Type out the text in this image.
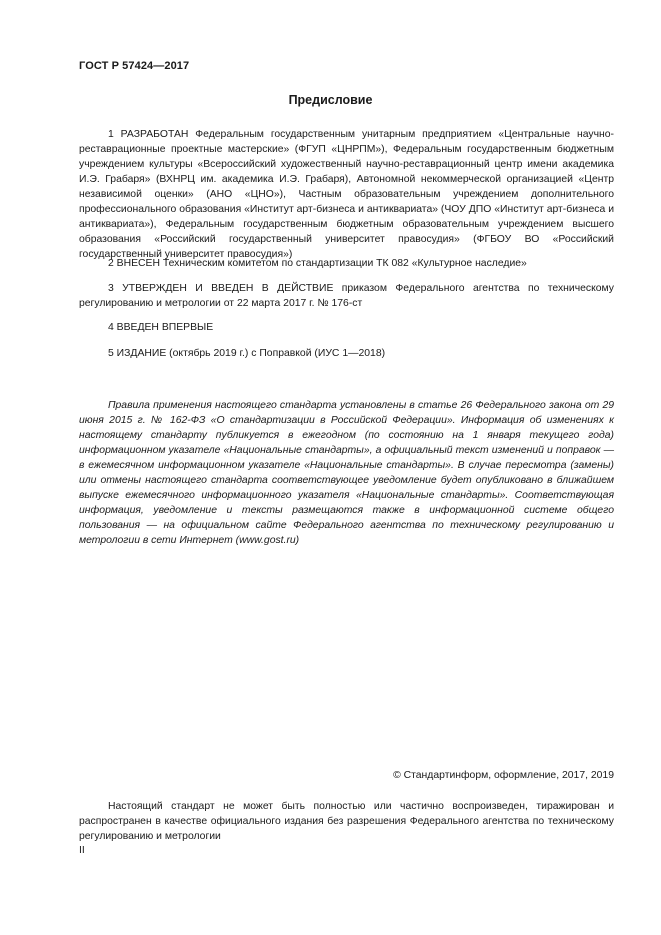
ГОСТ Р 57424—2017
Предисловие

1 РАЗРАБОТАН Федеральным государственным унитарным предприятием «Центральные научно-реставрационные проектные мастерские» (ФГУП «ЦНРПМ»), Федеральным государственным бюджетным учреждением культуры «Всероссийский художественный научно-реставрационный центр имени академика И.Э. Грабаря» (ВХНРЦ им. академика И.Э. Грабаря), Автономной некоммерческой организацией «Центр независимой оценки» (АНО «ЦНО»), Частным образовательным учреждением дополнительного профессионального образования «Институт арт-бизнеса и антиквариата» (ЧОУ ДПО «Институт арт-бизнеса и антиквариата»), Федеральным государственным бюджетным образовательным учреждением высшего образования «Российский государственный университет правосудия» (ФГБОУ ВО «Российский государственный университет правосудия»)

2 ВНЕСЕН Техническим комитетом по стандартизации ТК 082 «Культурное наследие»

3 УТВЕРЖДЕН И ВВЕДЕН В ДЕЙСТВИЕ приказом Федерального агентства по техническому регулированию и метрологии от 22 марта 2017 г. № 176-ст

4 ВВЕДЕН ВПЕРВЫЕ

5 ИЗДАНИЕ (октябрь 2019 г.) с Поправкой (ИУС 1—2018)

Правила применения настоящего стандарта установлены в статье 26 Федерального закона от 29 июня 2015 г. № 162-ФЗ «О стандартизации в Российской Федерации». Информация об изменениях к настоящему стандарту публикуется в ежегодном (по состоянию на 1 января текущего года) информационном указателе «Национальные стандарты», а официальный текст изменений и поправок — в ежемесячном информационном указателе «Национальные стандарты». В случае пересмотра (замены) или отмены настоящего стандарта соответствующее уведомление будет опубликовано в ближайшем выпуске ежемесячного информационного указателя «Национальные стандарты». Соответствующая информация, уведомление и тексты размещаются также в информационной системе общего пользования — на официальном сайте Федерального агентства по техническому регулированию и метрологии в сети Интернет (www.gost.ru)

© Стандартинформ, оформление, 2017, 2019

Настоящий стандарт не может быть полностью или частично воспроизведен, тиражирован и распространен в качестве официального издания без разрешения Федерального агентства по техническому регулированию и метрологии

II
